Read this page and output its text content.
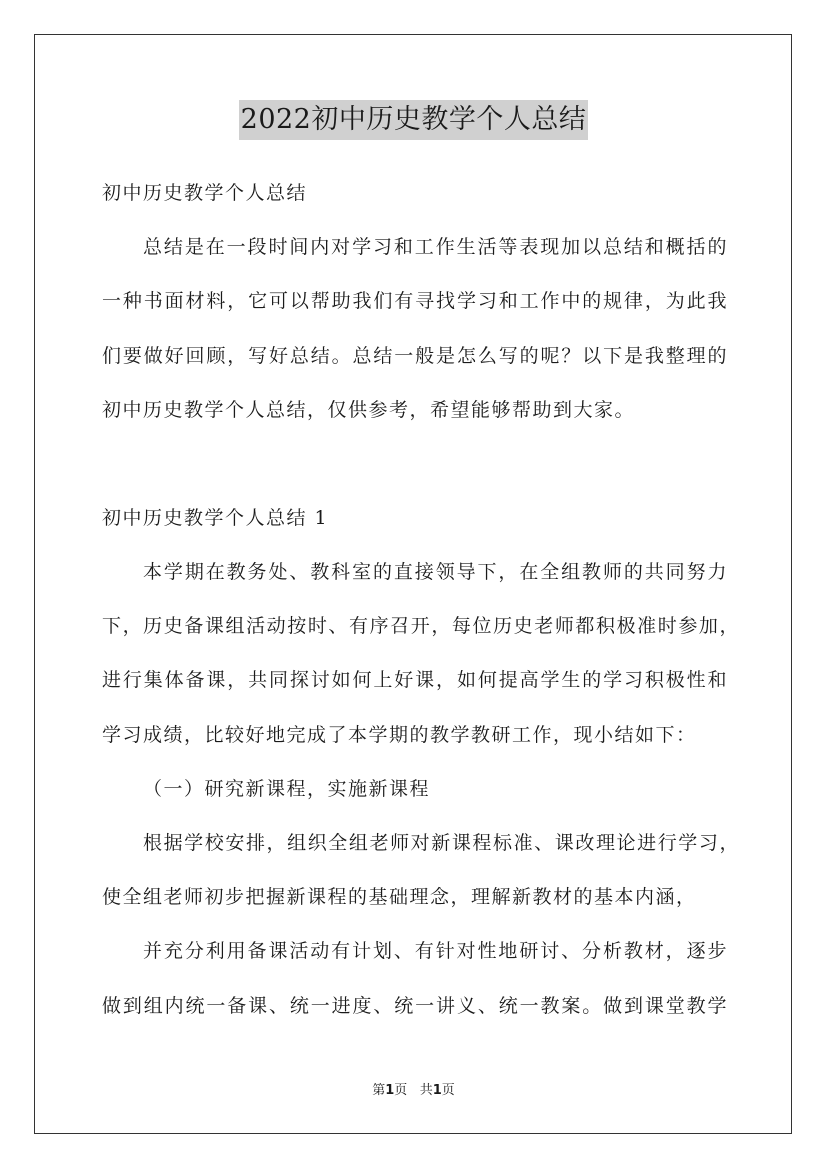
2022初中历史教学个人总结
初中历史教学个人总结
总结是在一段时间内对学习和工作生活等表现加以总结和概括的
一种书面材料，它可以帮助我们有寻找学习和工作中的规律，为此我
们要做好回顾，写好总结。总结一般是怎么写的呢？以下是我整理的
初中历史教学个人总结，仅供参考，希望能够帮助到大家。
初中历史教学个人总结 1
本学期在教务处、教科室的直接领导下，在全组教师的共同努力
下，历史备课组活动按时、有序召开，每位历史老师都积极准时参加，
进行集体备课，共同探讨如何上好课，如何提高学生的学习积极性和
学习成绩，比较好地完成了本学期的教学教研工作，现小结如下：
（一）研究新课程，实施新课程
根据学校安排，组织全组老师对新课程标准、课改理论进行学习，
使全组老师初步把握新课程的基础理念，理解新教材的基本内涵，
并充分利用备课活动有计划、有针对性地研讨、分析教材，逐步
做到组内统一备课、统一进度、统一讲义、统一教案。做到课堂教学
第1页 共1页
